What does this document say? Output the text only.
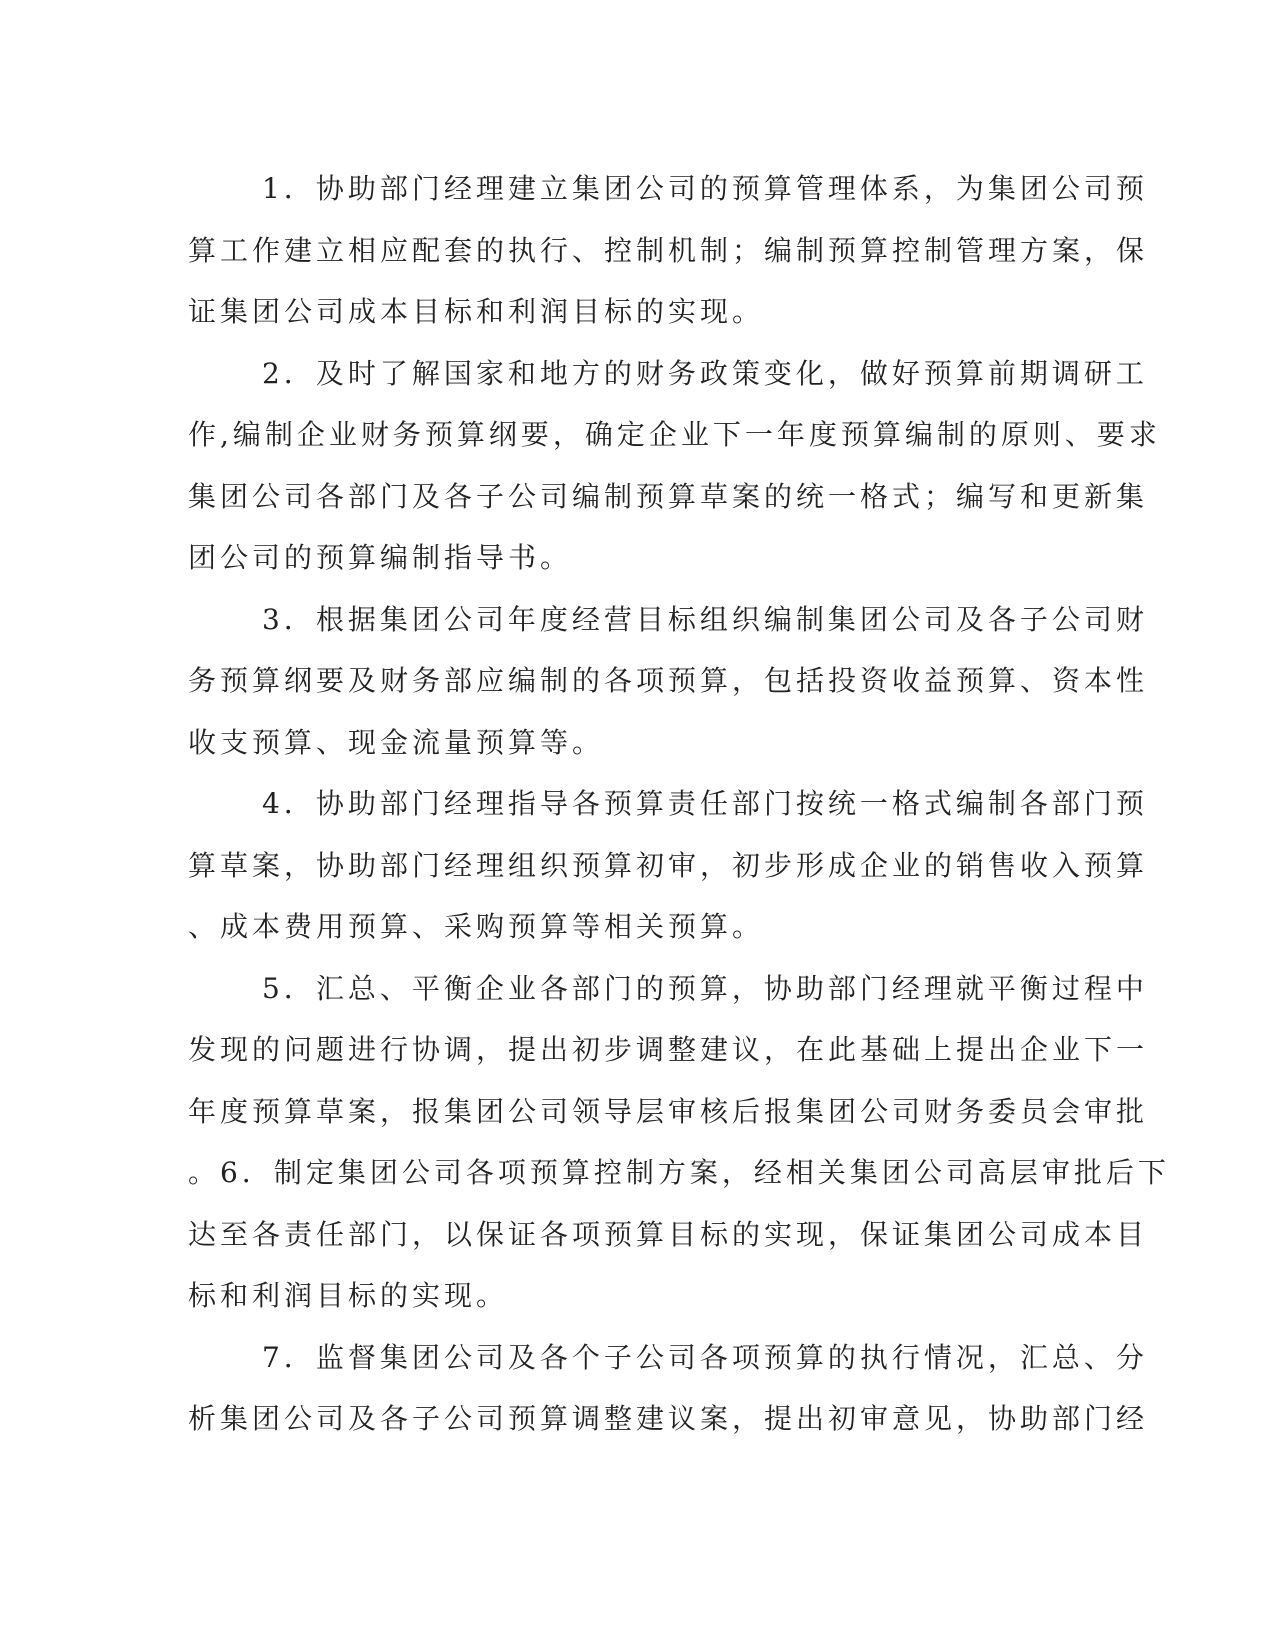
1．协助部门经理建立集团公司的预算管理体系，为集团公司预
算工作建立相应配套的执行、控制机制；编制预算控制管理方案，保
证集团公司成本目标和利润目标的实现。
2．及时了解国家和地方的财务政策变化，做好预算前期调研工
作,编制企业财务预算纲要，确定企业下一年度预算编制的原则、要求
集团公司各部门及各子公司编制预算草案的统一格式；编写和更新集
团公司的预算编制指导书。
3．根据集团公司年度经营目标组织编制集团公司及各子公司财
务预算纲要及财务部应编制的各项预算，包括投资收益预算、资本性
收支预算、现金流量预算等。
4．协助部门经理指导各预算责任部门按统一格式编制各部门预
算草案，协助部门经理组织预算初审，初步形成企业的销售收入预算
、成本费用预算、采购预算等相关预算。
5．汇总、平衡企业各部门的预算，协助部门经理就平衡过程中
发现的问题进行协调，提出初步调整建议，在此基础上提出企业下一
年度预算草案，报集团公司领导层审核后报集团公司财务委员会审批
。6．制定集团公司各项预算控制方案，经相关集团公司高层审批后下
达至各责任部门，以保证各项预算目标的实现，保证集团公司成本目
标和利润目标的实现。
7．监督集团公司及各个子公司各项预算的执行情况，汇总、分
析集团公司及各子公司预算调整建议案，提出初审意见，协助部门经
